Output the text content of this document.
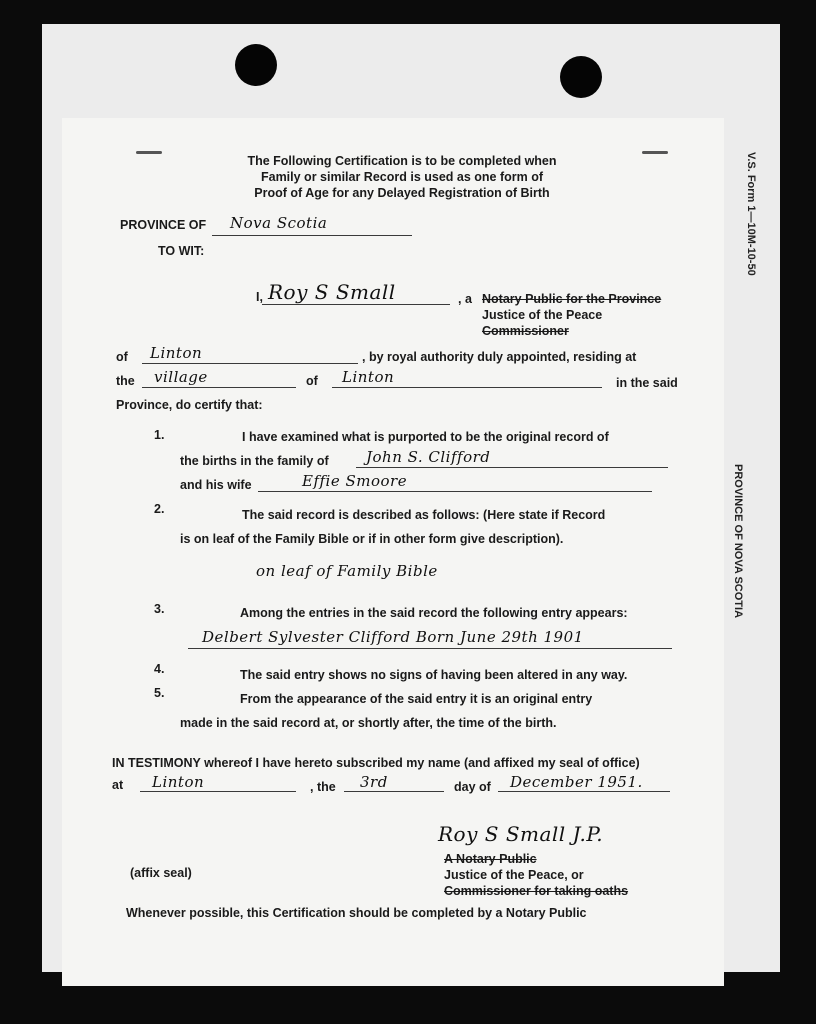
V.S. Form 1—10M-10-50
The Following Certification is to be completed when
Family or similar Record is used as one form of
Proof of Age for any Delayed Registration of Birth
PROVINCE OF Nova Scotia
TO WIT:
I, Roy S Small	, a Notary Public for the Province
Justice of the Peace
Commissioner
of Linton	, by royal authority duly appointed, residing at
the village	of Linton	in the said
Province, do certify that:
1.	I have examined what is purported to be the original record of
the births in the family of John S. Clifford
and his wife	Effie Smoore
2.	The said record is described as follows: (Here state if Record
is on leaf of the Family Bible or if in other form give description).
on leaf of Family Bible
3.	Among the entries in the said record the following entry appears:
Delbert Sylvester Clifford Born June 29th 1901
4.	The said entry shows no signs of having been altered in any way.
5.	From the appearance of the said entry it is an original entry
made in the said record at, or shortly after, the time of the birth.
IN TESTIMONY whereof I have hereto subscribed my name (and affixed my seal of office)
at Linton	, the 3rd	day of December 1951.
Roy S Small J.P.
A Notary Public
Justice of the Peace, or
Commissioner for taking oaths
(affix seal)
Whenever possible, this Certification should be completed by a Notary Public
PROVINCE OF NOVA SCOTIA
